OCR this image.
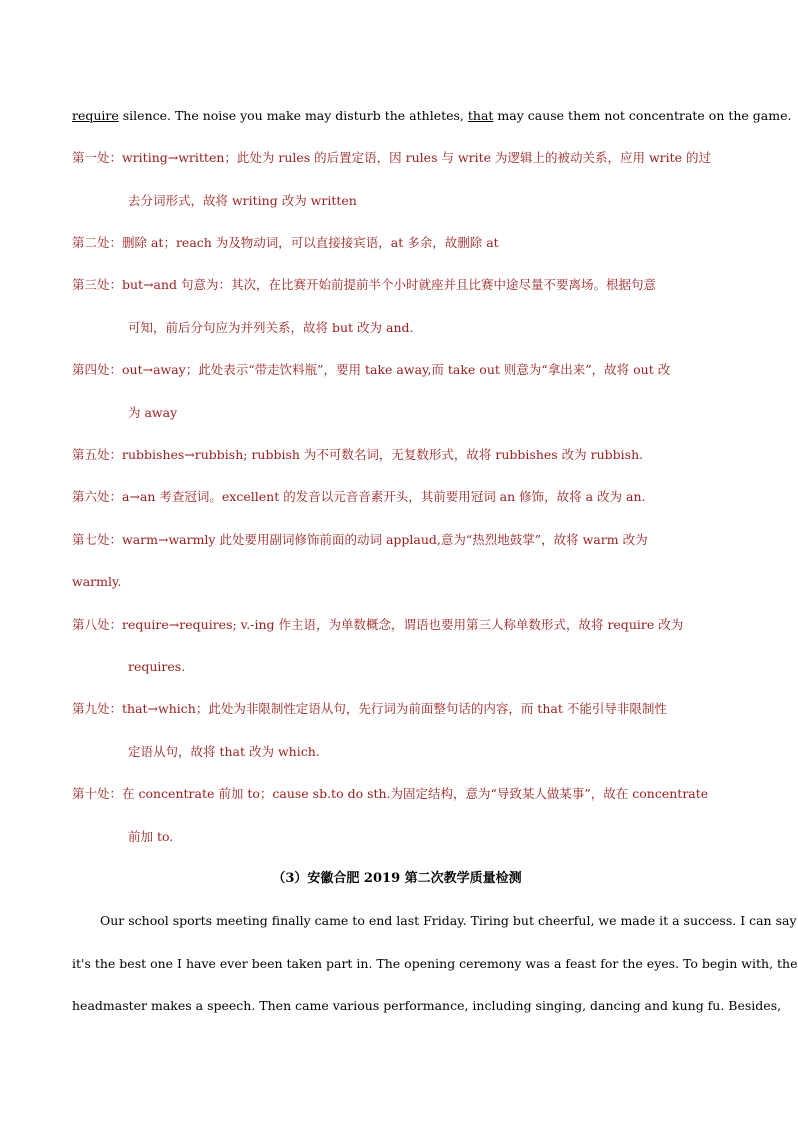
require silence. The noise you make may disturb the athletes, that may cause them not concentrate on the game.
第一处：writing→written；此处为 rules 的后置定语，因 rules 与 write 为逻辑上的被动关系，应用 write 的过
去分词形式，故将 writing 改为 written
第二处：删除 at；reach 为及物动词，可以直接接宾语，at 多余，故删除 at
第三处：but→and 句意为：其次，在比赛开始前提前半个小时就座并且比赛中途尽量不要离场。根据句意
可知，前后分句应为并列关系，故将 but 改为 and.
第四处：out→away；此处表示“带走饮料瓶”，要用 take away,而 take out 则意为“拿出来”，故将 out 改
为 away
第五处：rubbishes→rubbish; rubbish 为不可数名词，无复数形式，故将 rubbishes 改为 rubbish.
第六处：a→an 考查冠词。excellent 的发音以元音音素开头，其前要用冠词 an 修饰，故将 a 改为 an.
第七处：warm→warmly 此处要用副词修饰前面的动词 applaud,意为“热烈地鼓掌”，故将 warm 改为
warmly.
第八处：require→requires; v.-ing 作主语，为单数概念，谓语也要用第三人称单数形式，故将 require 改为
requires.
第九处：that→which；此处为非限制性定语从句，先行词为前面整句话的内容，而 that 不能引导非限制性
定语从句，故将 that 改为 which.
第十处：在 concentrate 前加 to；cause sb.to do sth.为固定结构，意为“导致某人做某事”，故在 concentrate
前加 to.
（3）安徽合肥 2019 第二次教学质量检测
Our school sports meeting finally came to end last Friday. Tiring but cheerful, we made it a success. I can say
it's the best one I have ever been taken part in. The opening ceremony was a feast for the eyes. To begin with, the
headmaster makes a speech. Then came various performance, including singing, dancing and kung fu. Besides,
